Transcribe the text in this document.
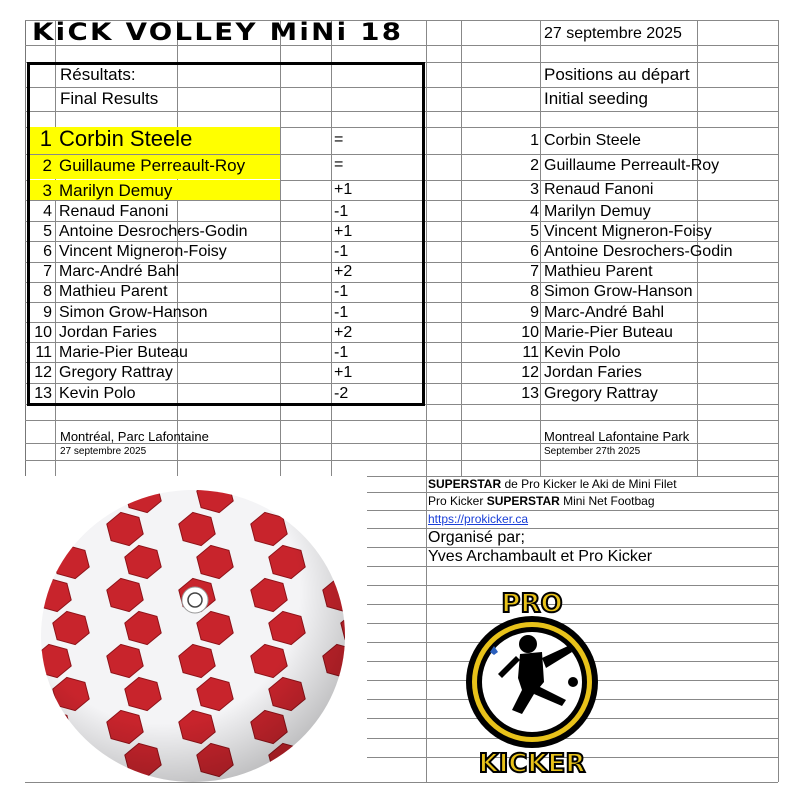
KiCK VOLLEY MiNi 18	27 septembre 2025
Résultats:
Final Results
Positions au départ
Initial seeding
1 Corbin Steele	=
2 Guillaume Perreault-Roy	=
3 Marilyn Demuy	+1
4 Renaud Fanoni	-1
5 Antoine Desrochers-Godin	+1
6 Vincent Migneron-Foisy	-1
7 Marc-André Bahl	+2
8 Mathieu Parent	-1
9 Simon Grow-Hanson	-1
10 Jordan Faries	+2
11 Marie-Pier Buteau	-1
12 Gregory Rattray	+1
13 Kevin Polo	-2
1 Corbin Steele
2 Guillaume Perreault-Roy
3 Renaud Fanoni
4 Marilyn Demuy
5 Vincent Migneron-Foisy
6 Antoine Desrochers-Godin
7 Mathieu Parent
8 Simon Grow-Hanson
9 Marc-André Bahl
10 Marie-Pier Buteau
11 Kevin Polo
12 Jordan Faries
13 Gregory Rattray
Montréal, Parc Lafontaine
27 septembre 2025
Montreal Lafontaine Park
September 27th 2025
SUPERSTAR de Pro Kicker le Aki de Mini Filet
Pro Kicker SUPERSTAR Mini Net Footbag
https://prokicker.ca
Organisé par;
Yves Archambault et Pro Kicker
PRO
KICKER
